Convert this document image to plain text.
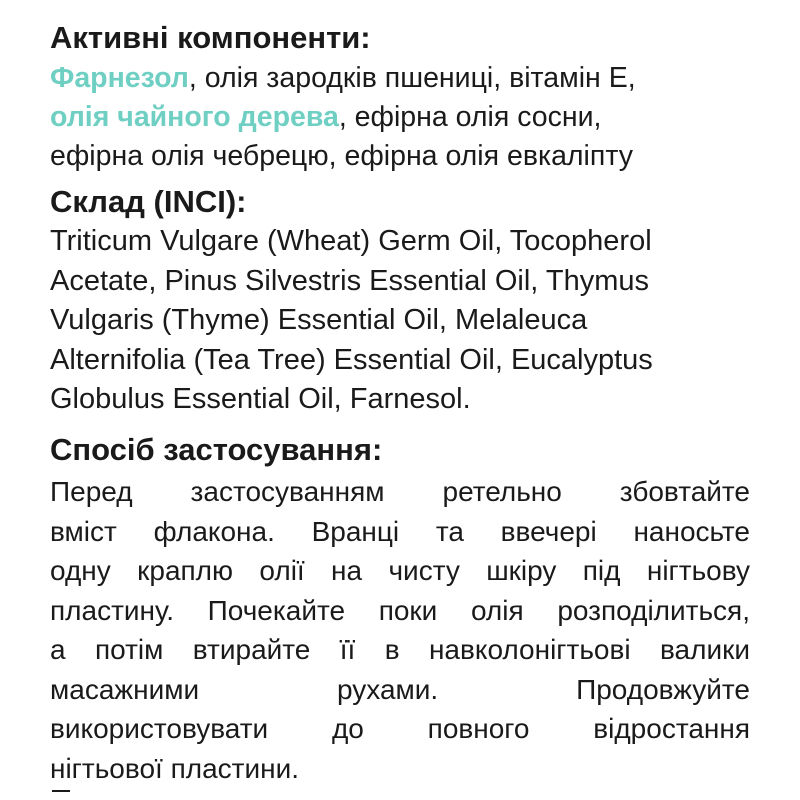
Активні компоненти:
Фарнезол, олія зародків пшениці, вітамін Е,
олія чайного дерева, ефірна олія сосни,
ефірна олія чебрецю, ефірна олія евкаліпту
Склад (INCI):
Triticum Vulgare (Wheat) Germ Oil, Tocopherol
Acetate, Pinus Silvestris Essential Oil, Thymus
Vulgaris (Thyme) Essential Oil, Melaleuca
Alternifolia (Tea Tree) Essential Oil, Eucalyptus
Globulus Essential Oil, Farnesol.
Спосіб застосування:
Перед застосуванням ретельно збовтайте
вміст флакона. Вранці та ввечері наносьте
одну краплю олії на чисту шкіру під нігтьову
пластину. Почекайте поки олія розподілиться,
а потім втирайте її в навколонігтьові валики
масажними рухами. Продовжуйте
використовувати до повного відростання
нігтьової пластини.
